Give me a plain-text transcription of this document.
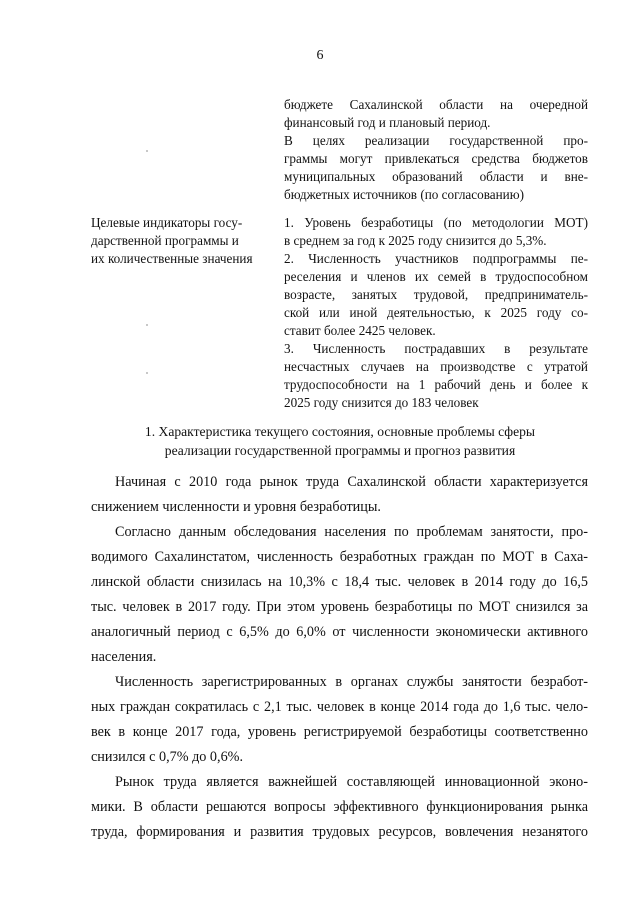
6
бюджете Сахалинской области на очередной
финансовый год и плановый период.
В целях реализации государственной про-
граммы могут привлекаться средства бюджетов
муниципальных образований области и вне-
бюджетных источников (по согласованию)
Целевые индикаторы госу-
дарственной программы и
их количественные значения
1. Уровень безработицы (по методологии МОТ)
в среднем за год к 2025 году снизится до 5,3%.
2. Численность участников подпрограммы пе-
реселения и членов их семей в трудоспособном
возрасте, занятых трудовой, предприниматель-
ской или иной деятельностью, к 2025 году со-
ставит более 2425 человек.
3. Численность пострадавших в результате
несчастных случаев на производстве с утратой
трудоспособности на 1 рабочий день и более к
2025 году снизится до 183 человек
1. Характеристика текущего состояния, основные проблемы сферы
реализации государственной программы и прогноз развития
Начиная с 2010 года рынок труда Сахалинской области характеризуется
снижением численности и уровня безработицы.
Согласно данным обследования населения по проблемам занятости, про-
водимого Сахалинстатом, численность безработных граждан по МОТ в Саха-
линской области снизилась на 10,3% с 18,4 тыс. человек в 2014 году до 16,5
тыс. человек в 2017 году. При этом уровень безработицы по МОТ снизился за
аналогичный период с 6,5% до 6,0% от численности экономически активного
населения.
Численность зарегистрированных в органах службы занятости безработ-
ных граждан сократилась с 2,1 тыс. человек в конце 2014 года до 1,6 тыс. чело-
век в конце 2017 года, уровень регистрируемой безработицы соответственно
снизился с 0,7% до 0,6%.
Рынок труда является важнейшей составляющей инновационной эконо-
мики. В области решаются вопросы эффективного функционирования рынка
труда, формирования и развития трудовых ресурсов, вовлечения незанятого
